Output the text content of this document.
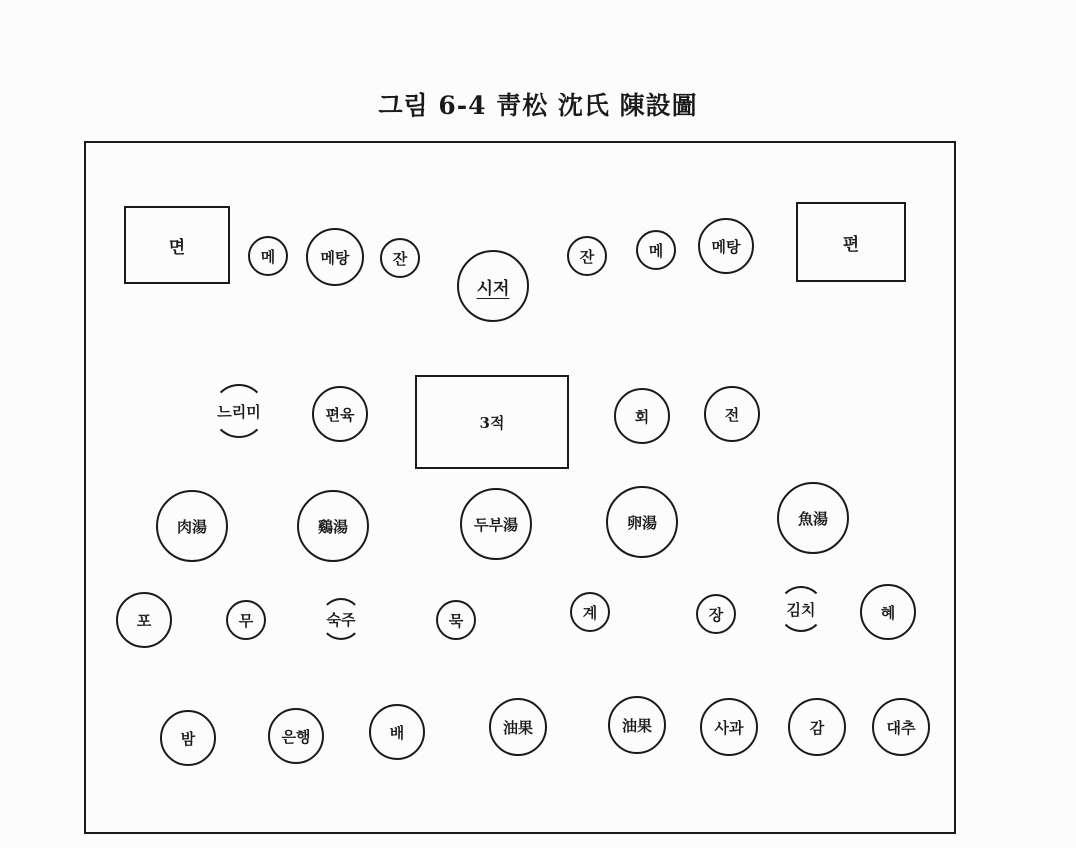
그림 6-4 靑松 沈氏 陳設圖
면	메	메탕	잔
시저
잔	메	메탕	편
느리미	편육	3적	회	전
肉湯	鷄湯	두부湯	卵湯	魚湯
포	무	숙주	묵	계	장	김치	혜
밤	은행	배	油果	油果	사과	감	대추
